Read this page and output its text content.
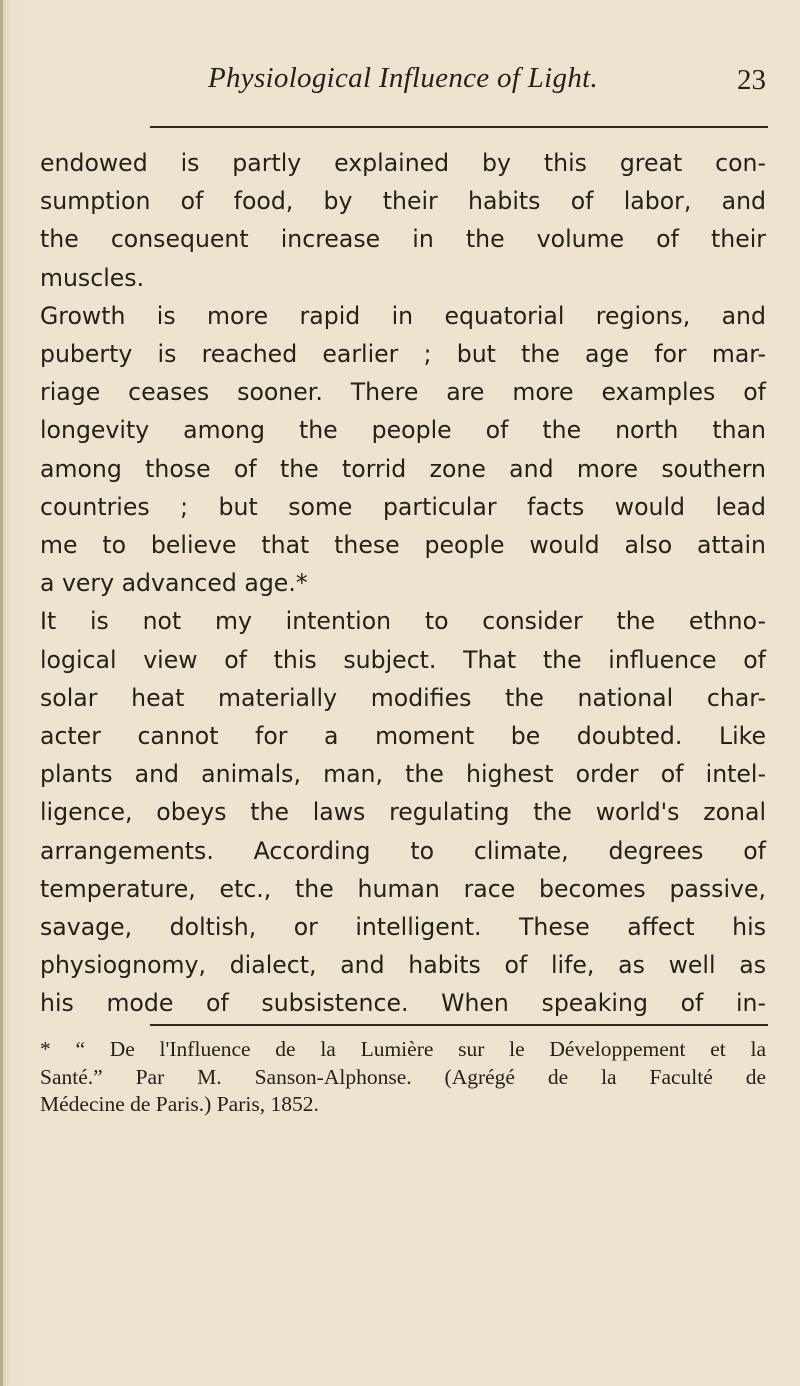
Physiological Influence of Light.	23
endowed is partly explained by this great con-
sumption of food, by their habits of labor, and
the consequent increase in the volume of their
muscles.
Growth is more rapid in equatorial regions, and
puberty is reached earlier ; but the age for mar-
riage ceases sooner. There are more examples of
longevity among the people of the north than
among those of the torrid zone and more southern
countries ; but some particular facts would lead
me to believe that these people would also attain
a very advanced age.*
It is not my intention to consider the ethno-
logical view of this subject. That the influence of
solar heat materially modifies the national char-
acter cannot for a moment be doubted. Like
plants and animals, man, the highest order of intel-
ligence, obeys the laws regulating the world's zonal
arrangements. According to climate, degrees of
temperature, etc., the human race becomes passive,
savage, doltish, or intelligent. These affect his
physiognomy, dialect, and habits of life, as well as
his mode of subsistence. When speaking of in-
* “ De l'Influence de la Lumière sur le Développement et la
Santé.” Par M. Sanson-Alphonse. (Agrégé de la Faculté de
Médecine de Paris.) Paris, 1852.
